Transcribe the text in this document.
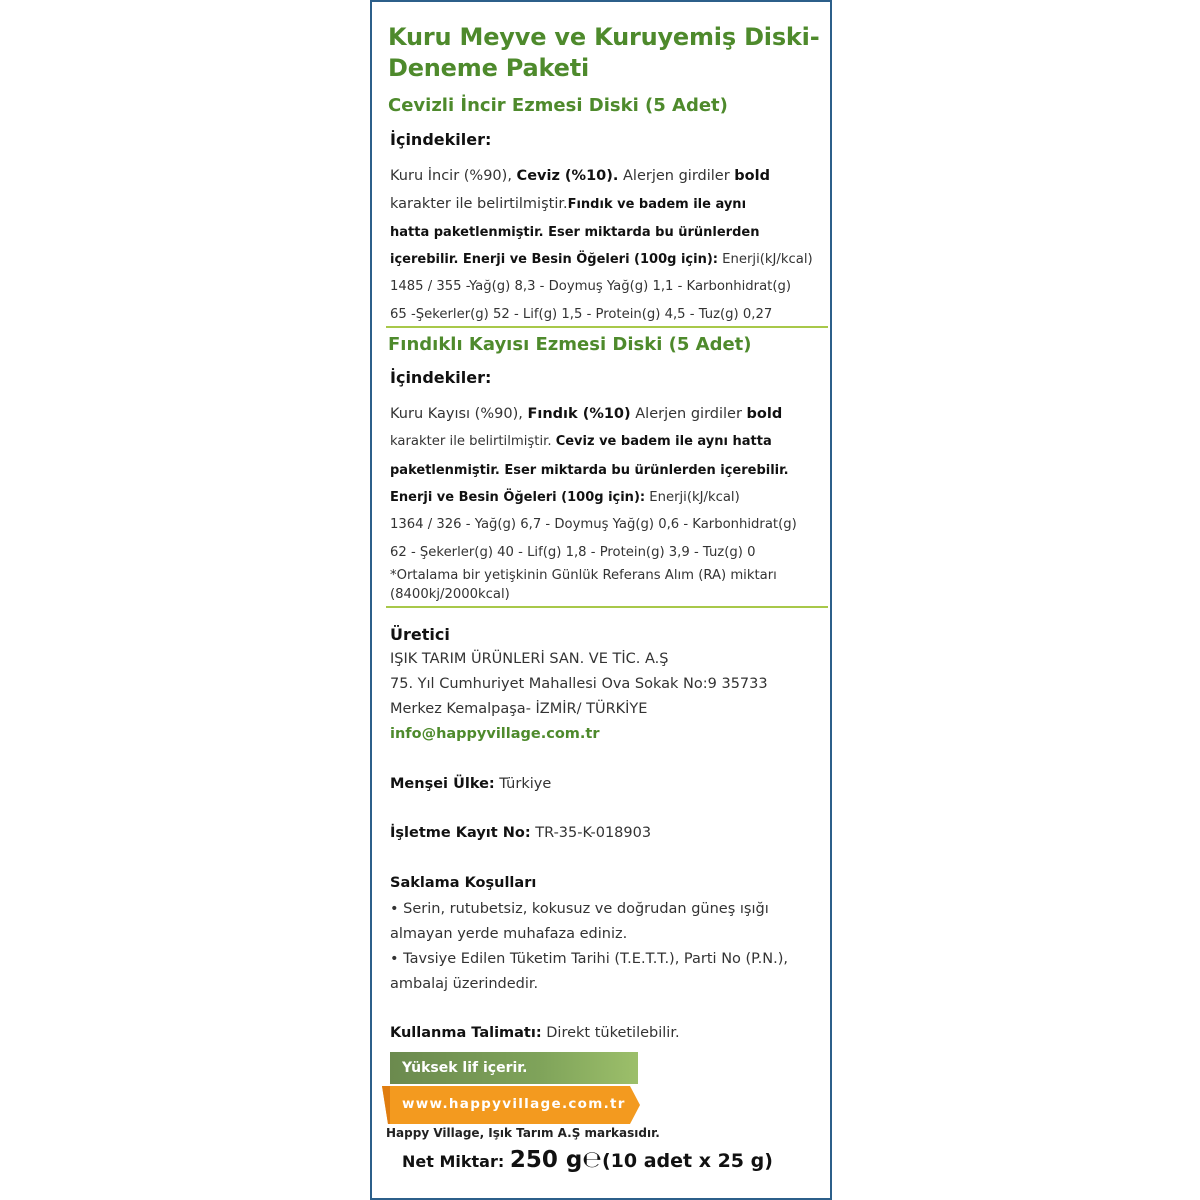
Kuru Meyve ve Kuruyemiş Diski-
Deneme Paketi
Cevizli İncir Ezmesi Diski (5 Adet)
İçindekiler:
Kuru İncir (%90), Ceviz (%10). Alerjen girdiler bold
karakter ile belirtilmiştir.Fındık ve badem ile aynı
hatta paketlenmiştir. Eser miktarda bu ürünlerden
içerebilir. Enerji ve Besin Öğeleri (100g için): Enerji(kJ/kcal)
1485 / 355 -Yağ(g) 8,3 - Doymuş Yağ(g) 1,1 - Karbonhidrat(g)
65 -Şekerler(g) 52 - Lif(g) 1,5 - Protein(g) 4,5 - Tuz(g) 0,27
Fındıklı Kayısı Ezmesi Diski (5 Adet)
İçindekiler:
Kuru Kayısı (%90), Fındık (%10) Alerjen girdiler bold
karakter ile belirtilmiştir. Ceviz ve badem ile aynı hatta
paketlenmiştir. Eser miktarda bu ürünlerden içerebilir.
Enerji ve Besin Öğeleri (100g için): Enerji(kJ/kcal)
1364 / 326 - Yağ(g) 6,7 - Doymuş Yağ(g) 0,6 - Karbonhidrat(g)
62 - Şekerler(g) 40 - Lif(g) 1,8 - Protein(g) 3,9 - Tuz(g) 0
*Ortalama bir yetişkinin Günlük Referans Alım (RA) miktarı
(8400kj/2000kcal)
Üretici
IŞIK TARIM ÜRÜNLERİ SAN. VE TİC. A.Ş
75. Yıl Cumhuriyet Mahallesi Ova Sokak No:9 35733
Merkez Kemalpaşa- İZMİR/ TÜRKİYE
info@happyvillage.com.tr
Menşei Ülke: Türkiye
İşletme Kayıt No: TR-35-K-018903
Saklama Koşulları
• Serin, rutubetsiz, kokusuz ve doğrudan güneş ışığı
almayan yerde muhafaza ediniz.
• Tavsiye Edilen Tüketim Tarihi (T.E.T.T.), Parti No (P.N.),
ambalaj üzerindedir.
Kullanma Talimatı: Direkt tüketilebilir.
Yüksek lif içerir.
www.happyvillage.com.tr
Happy Village, Işık Tarım A.Ş markasıdır.
Net Miktar: 250 g℮(10 adet x 25 g)
